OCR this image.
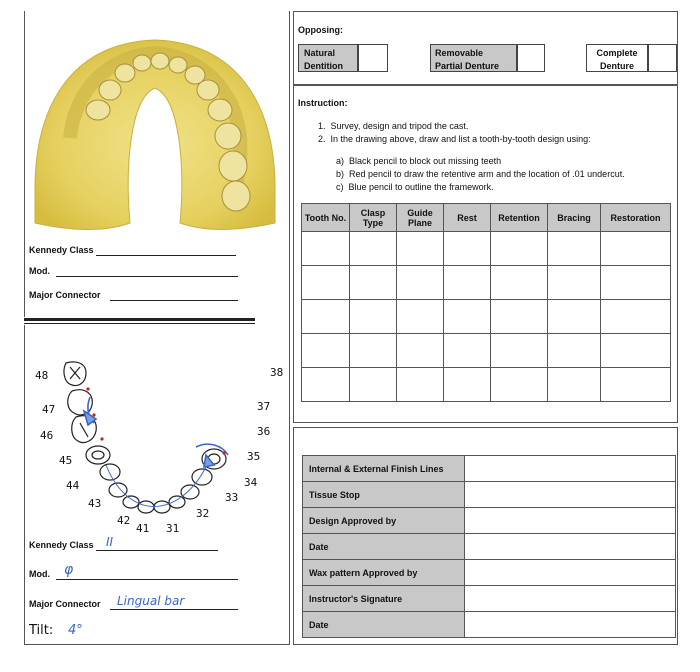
Kennedy Class
Mod.
Major Connector
48
47
46
45
44
43
42
41 31
32
33
34
35
36
37
38
Kennedy Class II
Mod. φ
Major Connector Lingual bar
Tilt: 4°
Opposing:
Natural Dentition
Removable Partial Denture
Complete Denture
Instruction:
1.  Survey, design and tripod the cast.
2.  In the drawing above, draw and list a tooth-by-tooth design using:
a) Black pencil to block out missing teeth
b) Red pencil to draw the retentive arm and the location of .01 undercut.
c) Blue pencil to outline the framework.
Tooth No.	Clasp Type	Guide Plane	Rest	Retention	Bracing	Restoration

Internal & External Finish Lines	
Tissue Stop	
Design Approved by	
Date	
Wax pattern Approved by	
Instructor's Signature	
Date	
